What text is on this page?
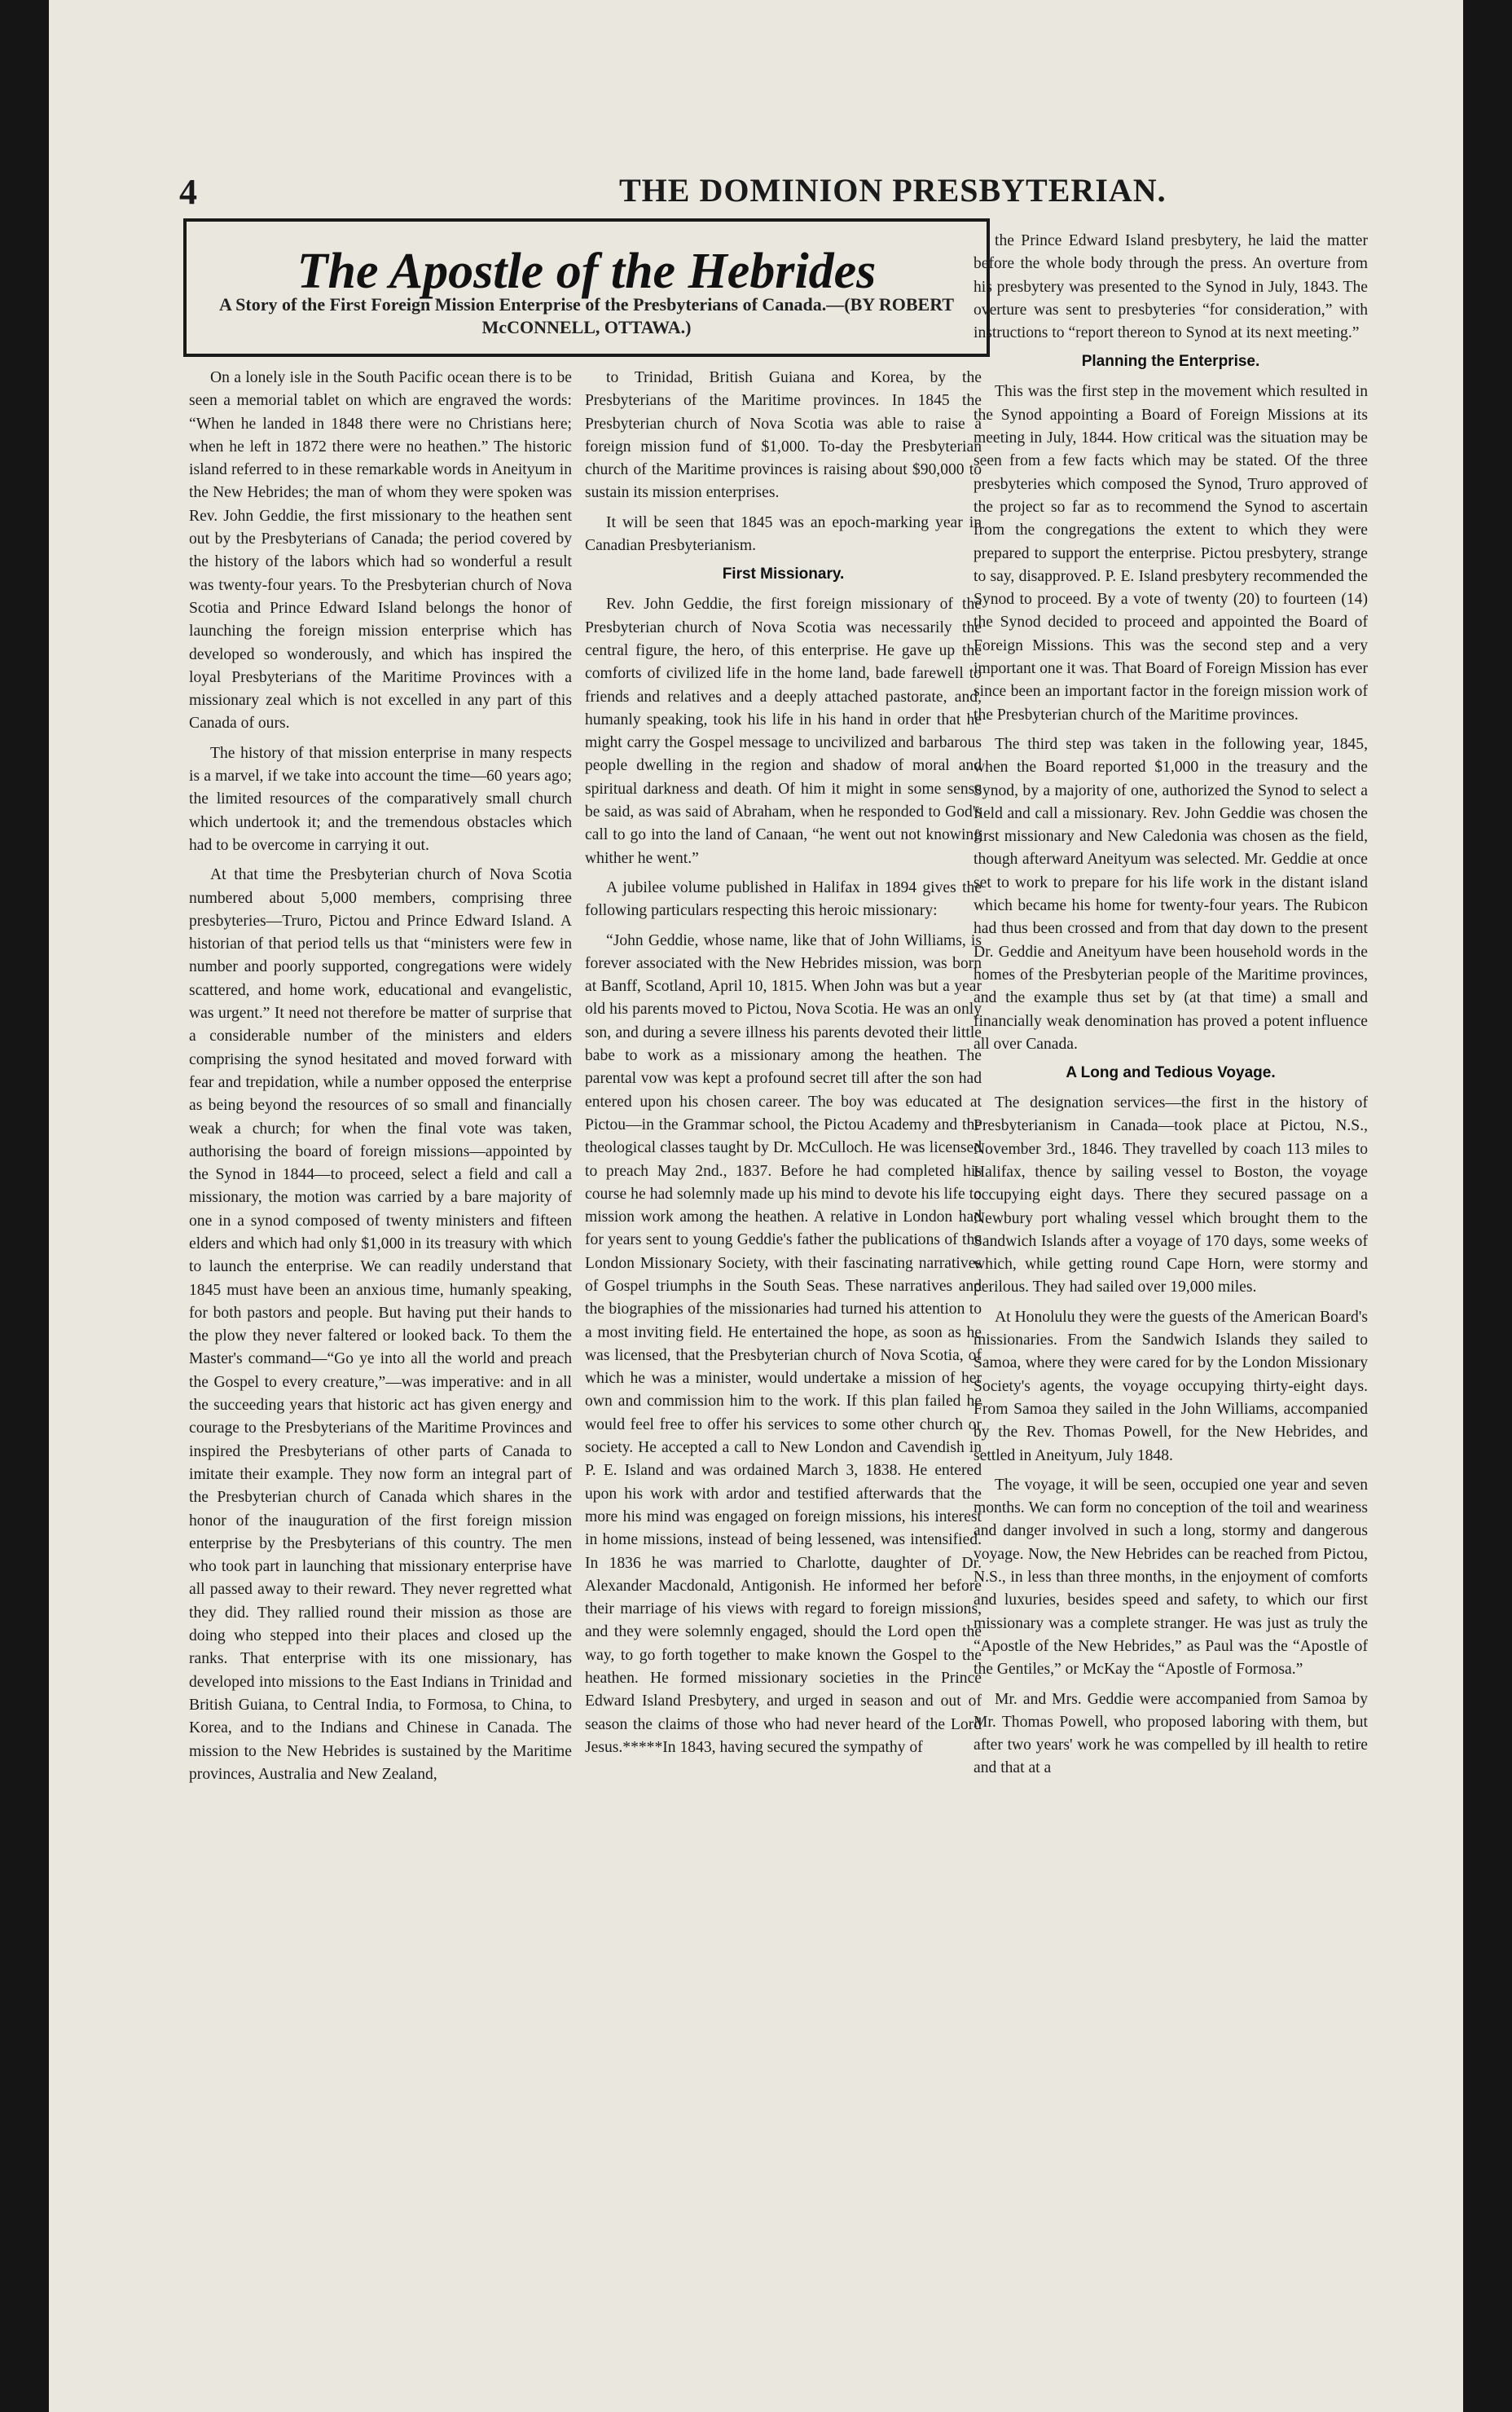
4	THE DOMINION PRESBYTERIAN.
The Apostle of the Hebrides
A Story of the First Foreign Mission Enterprise of the Presbyterians of Canada.—(BY ROBERT McCONNELL, OTTAWA.)

On a lonely isle in the South Pacific ocean there is to be seen a memorial tablet on which are engraved the words: “When he landed in 1848 there were no Christians here; when he left in 1872 there were no heathen.” The historic island referred to in these remarkable words in Aneityum in the New Hebrides; the man of whom they were spoken was Rev. John Geddie, the first missionary to the heathen sent out by the Presbyterians of Canada; the period covered by the history of the labors which had so wonderful a result was twenty-four years. To the Presbyterian church of Nova Scotia and Prince Edward Island belongs the honor of launching the foreign mission enterprise which has developed so wonderously, and which has inspired the loyal Presbyterians of the Maritime Provinces with a missionary zeal which is not excelled in any part of this Canada of ours.

The history of that mission enterprise in many respects is a marvel, if we take into account the time—60 years ago; the limited resources of the comparatively small church which undertook it; and the tremendous obstacles which had to be overcome in carrying it out.

At that time the Presbyterian church of Nova Scotia numbered about 5,000 members, comprising three presbyteries—Truro, Pictou and Prince Edward Island. A historian of that period tells us that “ministers were few in number and poorly supported, congregations were widely scattered, and home work, educational and evangelistic, was urgent.” It need not therefore be matter of surprise that a considerable number of the ministers and elders comprising the synod hesitated and moved forward with fear and trepidation, while a number opposed the enterprise as being beyond the resources of so small and financially weak a church; for when the final vote was taken, authorising the board of foreign missions—appointed by the Synod in 1844—to proceed, select a field and call a missionary, the motion was carried by a bare majority of one in a synod composed of twenty ministers and fifteen elders and which had only $1,000 in its treasury with which to launch the enterprise. We can readily understand that 1845 must have been an anxious time, humanly speaking, for both pastors and people. But having put their hands to the plow they never faltered or looked back. To them the Master's command—“Go ye into all the world and preach the Gospel to every creature,”—was imperative: and in all the succeeding years that historic act has given energy and courage to the Presbyterians of the Maritime Provinces and inspired the Presbyterians of other parts of Canada to imitate their example. They now form an integral part of the Presbyterian church of Canada which shares in the honor of the inauguration of the first foreign mission enterprise by the Presbyterians of this country. The men who took part in launching that missionary enterprise have all passed away to their reward. They never regretted what they did. They rallied round their mission as those are doing who stepped into their places and closed up the ranks. That enterprise with its one missionary, has developed into missions to the East Indians in Trinidad and British Guiana, to Central India, to Formosa, to China, to Korea, and to the Indians and Chinese in Canada. The mission to the New Hebrides is sustained by the Maritime provinces, Australia and New Zealand,

to Trinidad, British Guiana and Korea, by the Presbyterians of the Maritime provinces. In 1845 the Presbyterian church of Nova Scotia was able to raise a foreign mission fund of $1,000. To-day the Presbyterian church of the Maritime provinces is raising about $90,000 to sustain its mission enterprises.

It will be seen that 1845 was an epoch-marking year in Canadian Presbyterianism.

First Missionary.

Rev. John Geddie, the first foreign missionary of the Presbyterian church of Nova Scotia was necessarily the central figure, the hero, of this enterprise. He gave up the comforts of civilized life in the home land, bade farewell to friends and relatives and a deeply attached pastorate, and, humanly speaking, took his life in his hand in order that he might carry the Gospel message to uncivilized and barbarous people dwelling in the region and shadow of moral and spiritual darkness and death. Of him it might in some sense be said, as was said of Abraham, when he responded to God's call to go into the land of Canaan, “he went out not knowing whither he went.”

A jubilee volume published in Halifax in 1894 gives the following particulars respecting this heroic missionary:

“John Geddie, whose name, like that of John Williams, is forever associated with the New Hebrides mission, was born at Banff, Scotland, April 10, 1815. When John was but a year old his parents moved to Pictou, Nova Scotia. He was an only son, and during a severe illness his parents devoted their little babe to work as a missionary among the heathen. The parental vow was kept a profound secret till after the son had entered upon his chosen career. The boy was educated at Pictou—in the Grammar school, the Pictou Academy and the theological classes taught by Dr. McCulloch. He was licensed to preach May 2nd., 1837. Before he had completed his course he had solemnly made up his mind to devote his life to mission work among the heathen. A relative in London had for years sent to young Geddie's father the publications of the London Missionary Society, with their fascinating narratives of Gospel triumphs in the South Seas. These narratives and the biographies of the missionaries had turned his attention to a most inviting field. He entertained the hope, as soon as he was licensed, that the Presbyterian church of Nova Scotia, of which he was a minister, would undertake a mission of her own and commission him to the work. If this plan failed he would feel free to offer his services to some other church or society. He accepted a call to New London and Cavendish in P. E. Island and was ordained March 3, 1838. He entered upon his work with ardor and testified afterwards that the more his mind was engaged on foreign missions, his interest in home missions, instead of being lessened, was intensified. In 1836 he was married to Charlotte, daughter of Dr. Alexander Macdonald, Antigonish. He informed her before their marriage of his views with regard to foreign missions, and they were solemnly engaged, should the Lord open the way, to go forth together to make known the Gospel to the heathen. He formed missionary societies in the Prince Edward Island Presbytery, and urged in season and out of season the claims of those who had never heard of the Lord Jesus.*****In 1843, having secured the sympathy of

the Prince Edward Island presbytery, he laid the matter before the whole body through the press. An overture from his presbytery was presented to the Synod in July, 1843. The overture was sent to presbyteries “for consideration,” with instructions to “report thereon to Synod at its next meeting.”

Planning the Enterprise.

This was the first step in the movement which resulted in the Synod appointing a Board of Foreign Missions at its meeting in July, 1844. How critical was the situation may be seen from a few facts which may be stated. Of the three presbyteries which composed the Synod, Truro approved of the project so far as to recommend the Synod to ascertain from the congregations the extent to which they were prepared to support the enterprise. Pictou presbytery, strange to say, disapproved. P. E. Island presbytery recommended the Synod to proceed. By a vote of twenty (20) to fourteen (14) the Synod decided to proceed and appointed the Board of Foreign Missions. This was the second step and a very important one it was. That Board of Foreign Mission has ever since been an important factor in the foreign mission work of the Presbyterian church of the Maritime provinces.

The third step was taken in the following year, 1845, when the Board reported $1,000 in the treasury and the Synod, by a majority of one, authorized the Synod to select a field and call a missionary. Rev. John Geddie was chosen the first missionary and New Caledonia was chosen as the field, though afterward Aneityum was selected. Mr. Geddie at once set to work to prepare for his life work in the distant island which became his home for twenty-four years. The Rubicon had thus been crossed and from that day down to the present Dr. Geddie and Aneityum have been household words in the homes of the Presbyterian people of the Maritime provinces, and the example thus set by (at that time) a small and financially weak denomination has proved a potent influence all over Canada.

A Long and Tedious Voyage.

The designation services—the first in the history of Presbyterianism in Canada—took place at Pictou, N.S., November 3rd., 1846. They travelled by coach 113 miles to Halifax, thence by sailing vessel to Boston, the voyage occupying eight days. There they secured passage on a Newbury port whaling vessel which brought them to the Sandwich Islands after a voyage of 170 days, some weeks of which, while getting round Cape Horn, were stormy and perilous. They had sailed over 19,000 miles.

At Honolulu they were the guests of the American Board's missionaries. From the Sandwich Islands they sailed to Samoa, where they were cared for by the London Missionary Society's agents, the voyage occupying thirty-eight days. From Samoa they sailed in the John Williams, accompanied by the Rev. Thomas Powell, for the New Hebrides, and settled in Aneityum, July 1848.

The voyage, it will be seen, occupied one year and seven months. We can form no conception of the toil and weariness and danger involved in such a long, stormy and dangerous voyage. Now, the New Hebrides can be reached from Pictou, N.S., in less than three months, in the enjoyment of comforts and luxuries, besides speed and safety, to which our first missionary was a complete stranger. He was just as truly the “Apostle of the New Hebrides,” as Paul was the “Apostle of the Gentiles,” or McKay the “Apostle of Formosa.”

Mr. and Mrs. Geddie were accompanied from Samoa by Mr. Thomas Powell, who proposed laboring with them, but after two years' work he was compelled by ill health to retire and that at a
